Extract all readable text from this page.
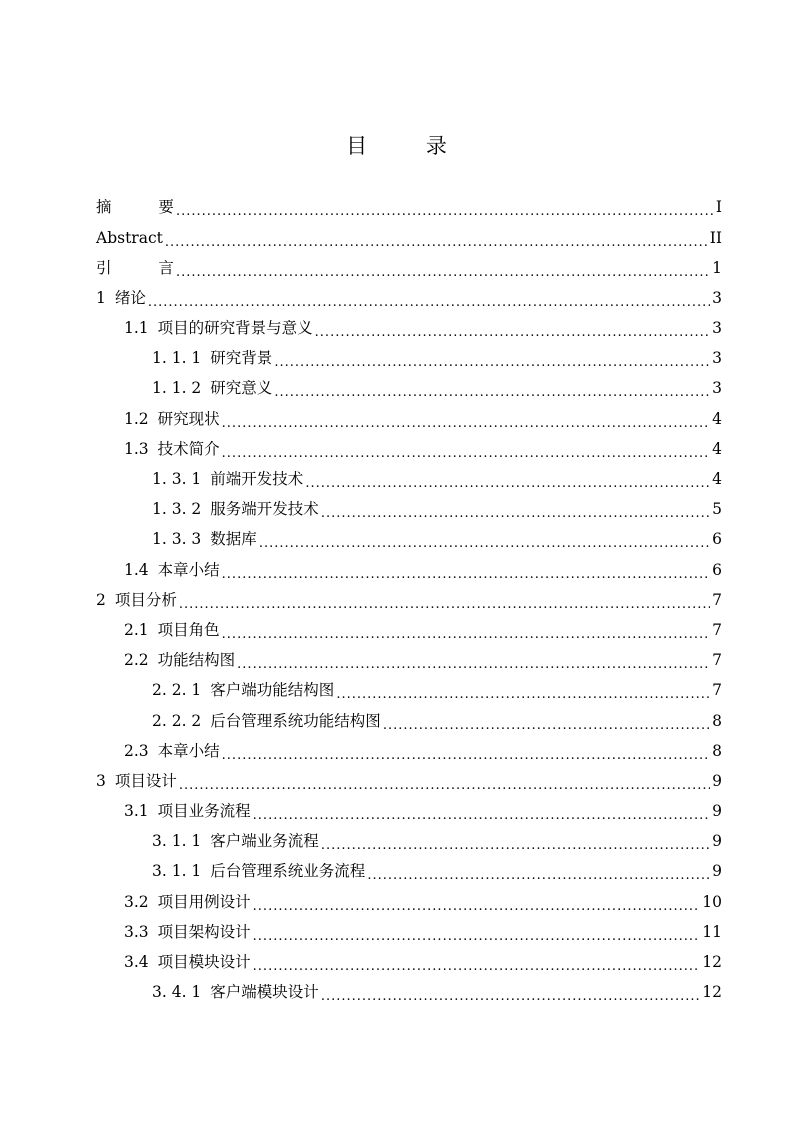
目 录
摘 要 .....	I
Abstract .....	II
引 言 .....	1
1 绪论 .....	3
1.1 项目的研究背景与意义 .....	3
1. 1. 1 研究背景 .....	3
1. 1. 2 研究意义 .....	3
1.2 研究现状 .....	4
1.3 技术简介 .....	4
1. 3. 1 前端开发技术 .....	4
1. 3. 2 服务端开发技术 .....	5
1. 3. 3 数据库 .....	6
1.4 本章小结 .....	6
2 项目分析 .....	7
2.1 项目角色 .....	7
2.2 功能结构图 .....	7
2. 2. 1 客户端功能结构图 .....	7
2. 2. 2 后台管理系统功能结构图 .....	8
2.3 本章小结 .....	8
3 项目设计 .....	9
3.1 项目业务流程 .....	9
3. 1. 1 客户端业务流程 .....	9
3. 1. 1 后台管理系统业务流程 .....	9
3.2 项目用例设计 .....	10
3.3 项目架构设计 .....	11
3.4 项目模块设计 .....	12
3. 4. 1 客户端模块设计 .....	12
